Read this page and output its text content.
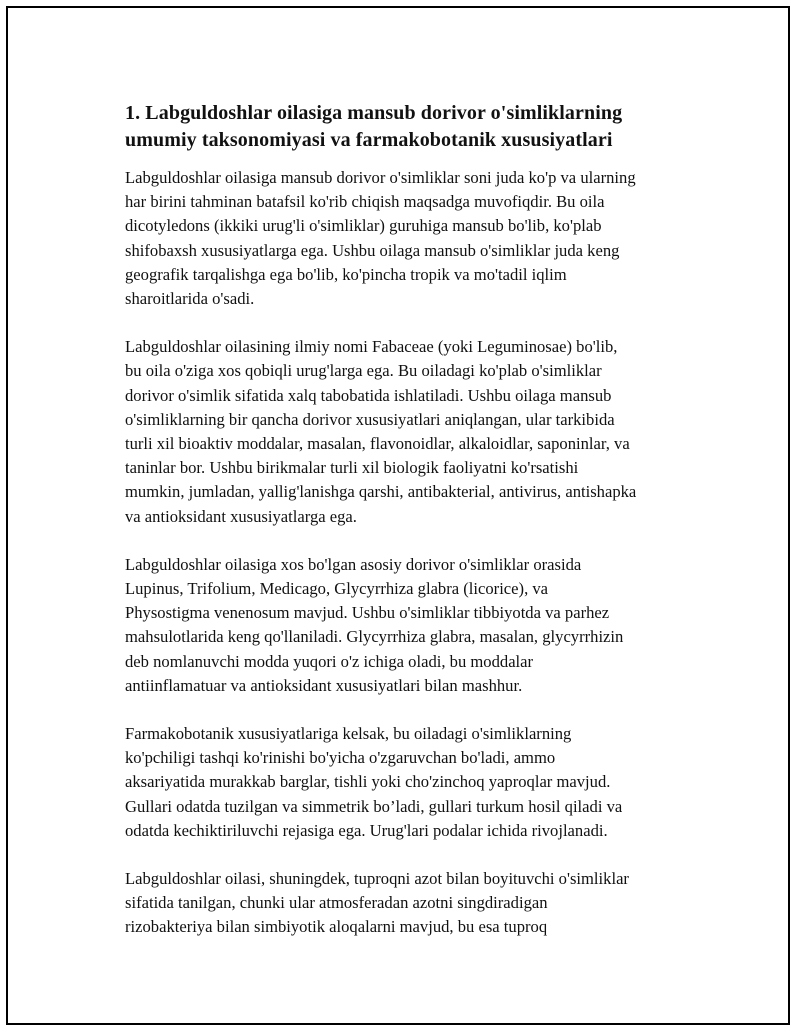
1. Labguldoshlar oilasiga mansub dorivor o'simliklarning
umumiy taksonomiyasi va farmakobotanik xususiyatlari

Labguldoshlar oilasiga mansub dorivor o'simliklar soni juda ko'p va ularning
har birini tahminan batafsil ko'rib chiqish maqsadga muvofiqdir. Bu oila
dicotyledons (ikkiki urug'li o'simliklar) guruhiga mansub bo'lib, ko'plab
shifobaxsh xususiyatlarga ega. Ushbu oilaga mansub o'simliklar juda keng
geografik tarqalishga ega bo'lib, ko'pincha tropik va mo'tadil iqlim
sharoitlarida o'sadi.

Labguldoshlar oilasining ilmiy nomi Fabaceae (yoki Leguminosae) bo'lib,
bu oila o'ziga xos qobiqli urug'larga ega. Bu oiladagi ko'plab o'simliklar
dorivor o'simlik sifatida xalq tabobatida ishlatiladi. Ushbu oilaga mansub
o'simliklarning bir qancha dorivor xususiyatlari aniqlangan, ular tarkibida
turli xil bioaktiv moddalar, masalan, flavonoidlar, alkaloidlar, saponinlar, va
taninlar bor. Ushbu birikmalar turli xil biologik faoliyatni ko'rsatishi
mumkin, jumladan, yallig'lanishga qarshi, antibakterial, antivirus, antishapka
va antioksidant xususiyatlarga ega.

Labguldoshlar oilasiga xos bo'lgan asosiy dorivor o'simliklar orasida
Lupinus, Trifolium, Medicago, Glycyrrhiza glabra (licorice), va
Physostigma venenosum mavjud. Ushbu o'simliklar tibbiyotda va parhez
mahsulotlarida keng qo'llaniladi. Glycyrrhiza glabra, masalan, glycyrrhizin
deb nomlanuvchi modda yuqori o'z ichiga oladi, bu moddalar
antiinflamatuar va antioksidant xususiyatlari bilan mashhur.

Farmakobotanik xususiyatlariga kelsak, bu oiladagi o'simliklarning
ko'pchiligi tashqi ko'rinishi bo'yicha o'zgaruvchan bo'ladi, ammo
aksariyatida murakkab barglar, tishli yoki cho'zinchoq yaproqlar mavjud.
Gullari odatda tuzilgan va simmetrik bo’ladi, gullari turkum hosil qiladi va
odatda kechiktiriluvchi rejasiga ega. Urug'lari podalar ichida rivojlanadi.

Labguldoshlar oilasi, shuningdek, tuproqni azot bilan boyituvchi o'simliklar
sifatida tanilgan, chunki ular atmosferadan azotni singdiradigan
rizobakteriya bilan simbiyotik aloqalarni mavjud, bu esa tuproq
